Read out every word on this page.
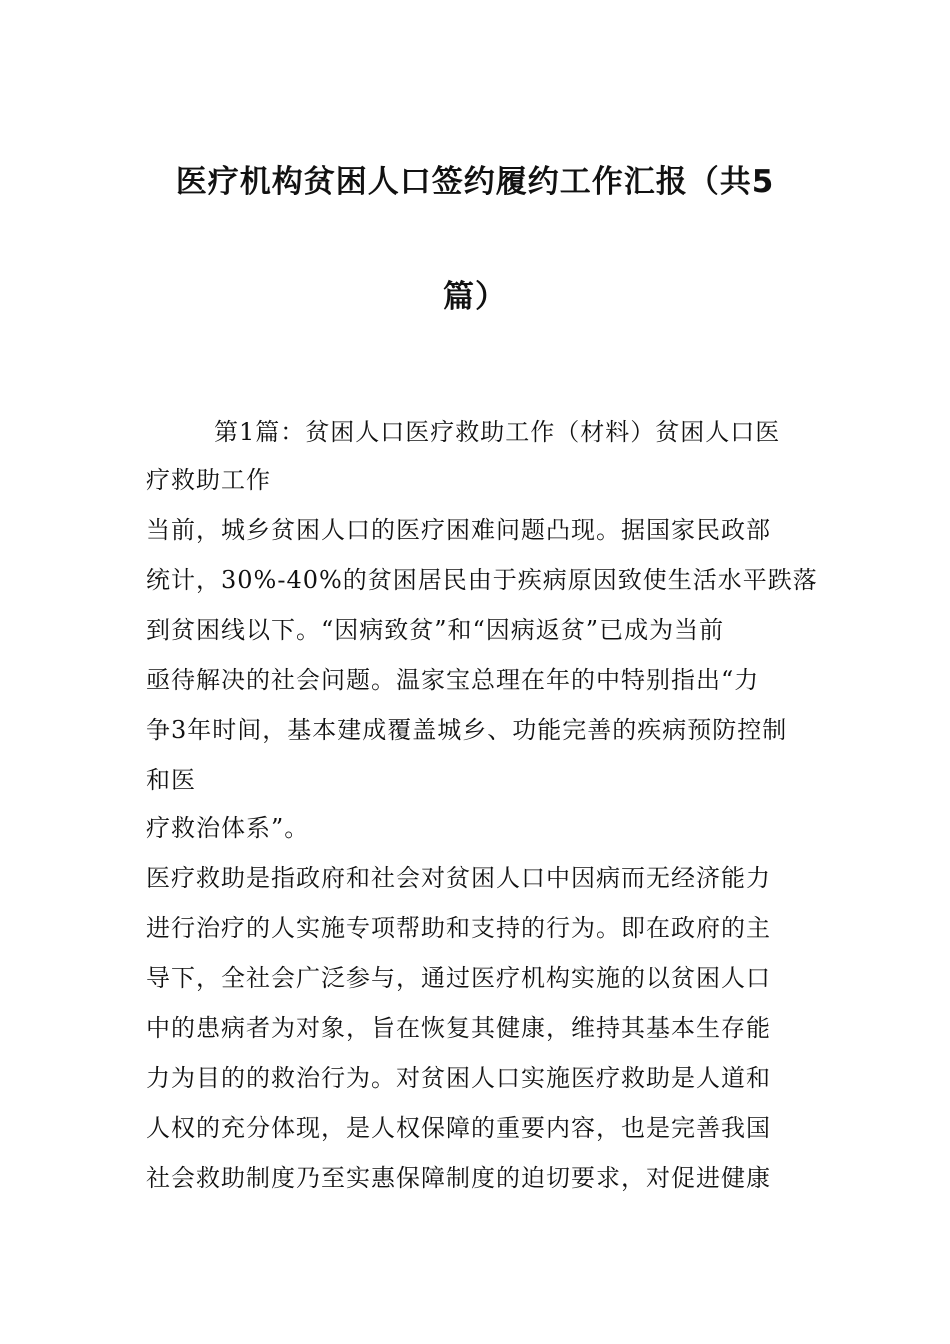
医疗机构贫困人口签约履约工作汇报（共5
篇）
第1篇：贫困人口医疗救助工作（材料）贫困人口医
疗救助工作
当前，城乡贫困人口的医疗困难问题凸现。据国家民政部
统计，30%-40%的贫困居民由于疾病原因致使生活水平跌落
到贫困线以下。“因病致贫”和“因病返贫”已成为当前
亟待解决的社会问题。温家宝总理在年的中特别指出“力
争3年时间，基本建成覆盖城乡、功能完善的疾病预防控制
和医
疗救治体系”。
医疗救助是指政府和社会对贫困人口中因病而无经济能力
进行治疗的人实施专项帮助和支持的行为。即在政府的主
导下，全社会广泛参与，通过医疗机构实施的以贫困人口
中的患病者为对象，旨在恢复其健康，维持其基本生存能
力为目的的救治行为。对贫困人口实施医疗救助是人道和
人权的充分体现，是人权保障的重要内容，也是完善我国
社会救助制度乃至实惠保障制度的迫切要求，对促进健康
